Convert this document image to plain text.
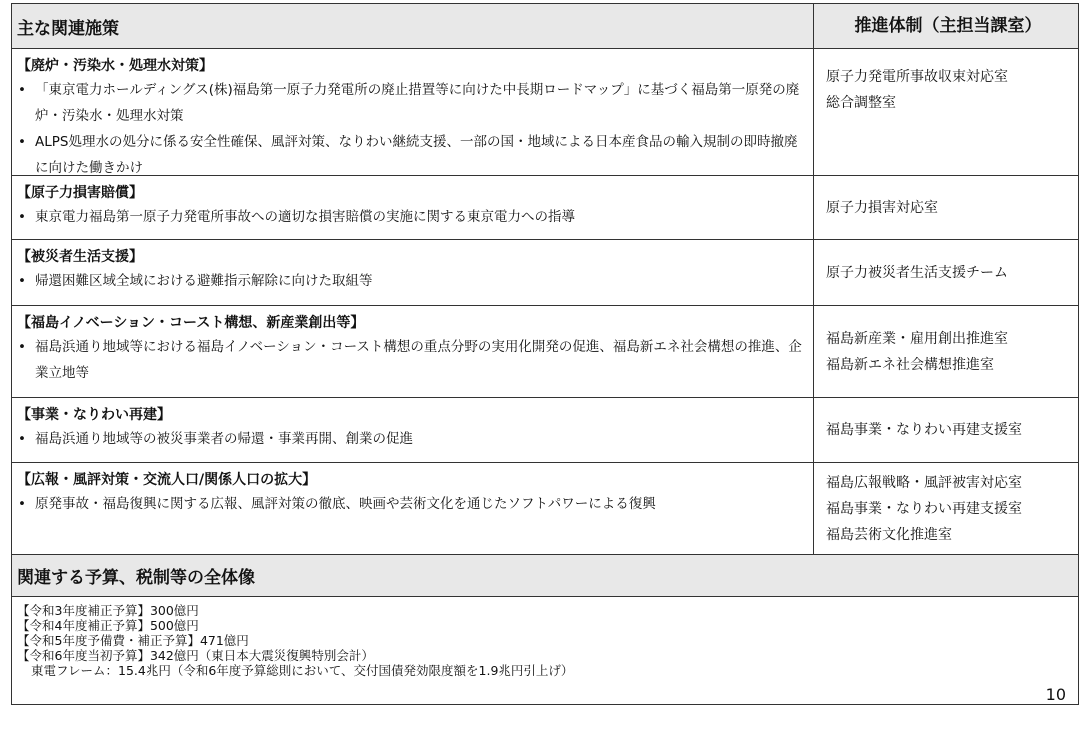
主な関連施策	推進体制（主担当課室）
【廃炉・汚染水・処理水対策】
• 「東京電力ホールディングス(株)福島第一原子力発電所の廃止措置等に向けた中長期ロードマップ」に基づく福島第一原発の廃炉・汚染水・処理水対策
• ALPS処理水の処分に係る安全性確保、風評対策、なりわい継続支援、一部の国・地域による日本産食品の輸入規制の即時撤廃に向けた働きかけ
原子力発電所事故収束対応室
総合調整室
【原子力損害賠償】
• 東京電力福島第一原子力発電所事故への適切な損害賠償の実施に関する東京電力への指導
原子力損害対応室
【被災者生活支援】
• 帰還困難区域全域における避難指示解除に向けた取組等
原子力被災者生活支援チーム
【福島イノベーション・コースト構想、新産業創出等】
• 福島浜通り地域等における福島イノベーション・コースト構想の重点分野の実用化開発の促進、福島新エネ社会構想の推進、企業立地等
福島新産業・雇用創出推進室
福島新エネ社会構想推進室
【事業・なりわい再建】
• 福島浜通り地域等の被災事業者の帰還・事業再開、創業の促進
福島事業・なりわい再建支援室
【広報・風評対策・交流人口/関係人口の拡大】
• 原発事故・福島復興に関する広報、風評対策の徹底、映画や芸術文化を通じたソフトパワーによる復興
福島広報戦略・風評被害対応室
福島事業・なりわい再建支援室
福島芸術文化推進室
関連する予算、税制等の全体像
【令和3年度補正予算】300億円
【令和4年度補正予算】500億円
【令和5年度予備費・補正予算】471億円
【令和6年度当初予算】342億円（東日本大震災復興特別会計）
東電フレーム：15.4兆円（令和6年度予算総則において、交付国債発効限度額を1.9兆円引上げ）
10
